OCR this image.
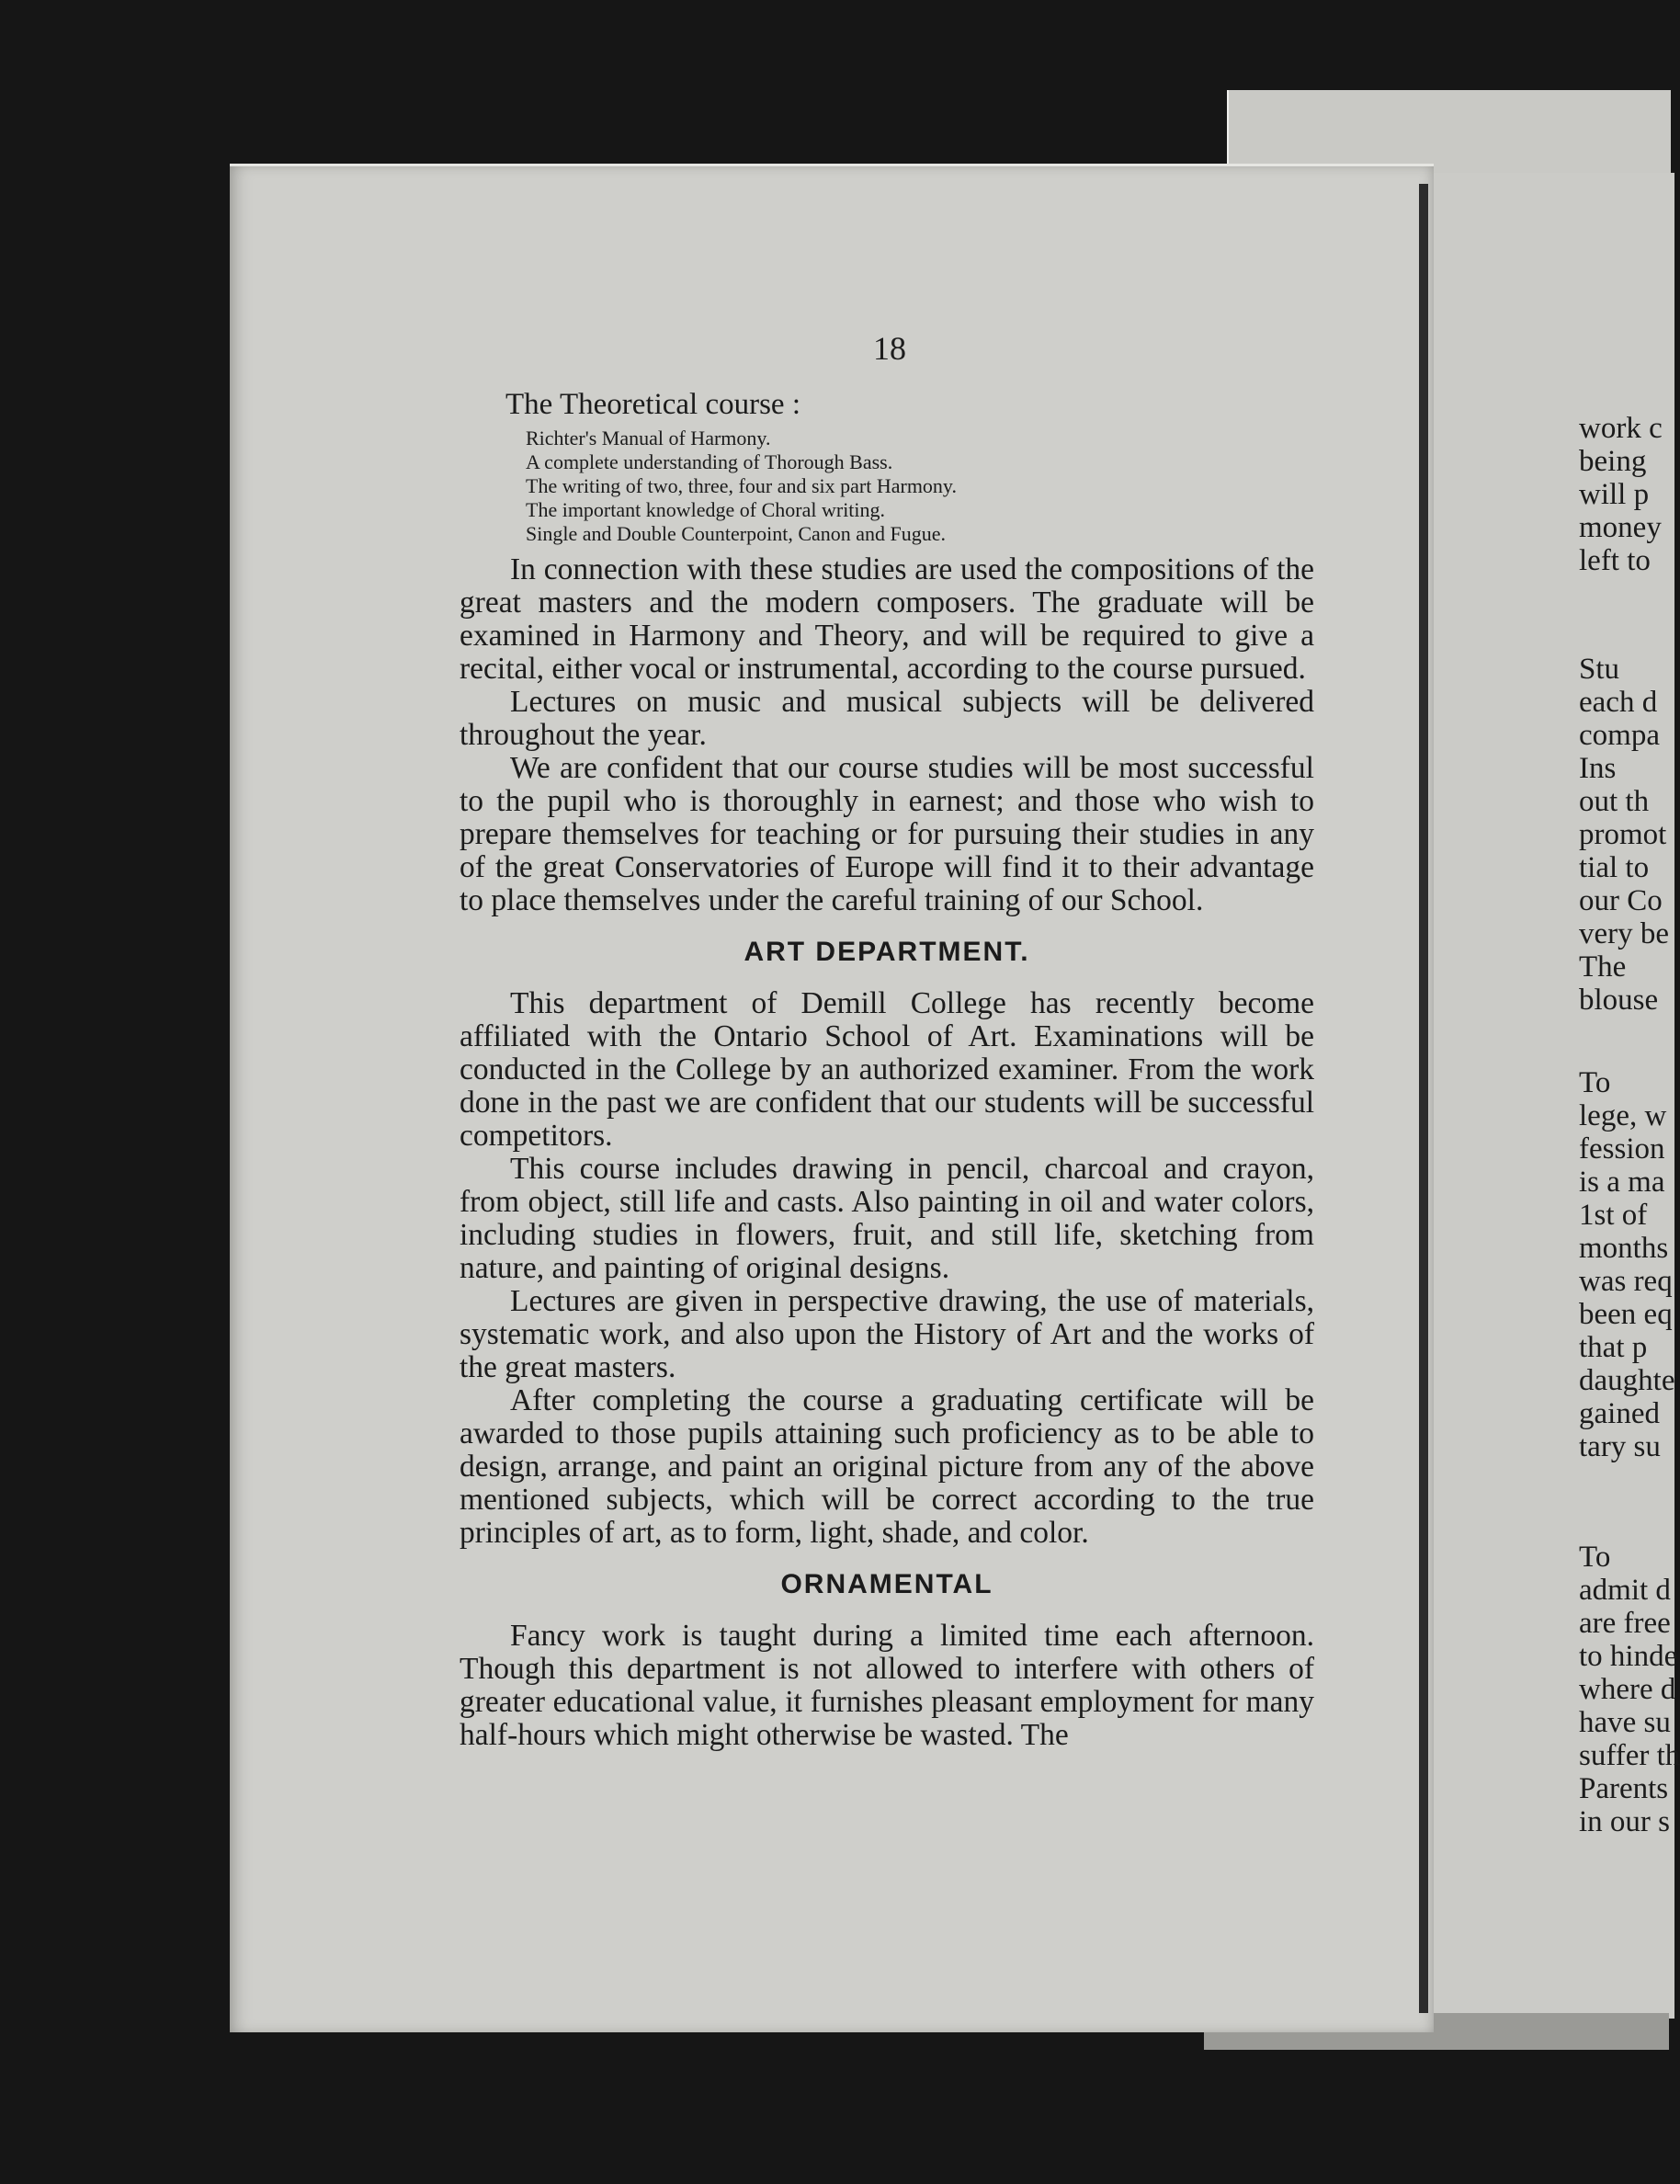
18

The Theoretical course :

Richter's Manual of Harmony.
A complete understanding of Thorough Bass.
The writing of two, three, four and six part Harmony.
The important knowledge of Choral writing.
Single and Double Counterpoint, Canon and Fugue.

In connection with these studies are used the compositions of the great masters and the modern composers. The graduate will be examined in Harmony and Theory, and will be required to give a recital, either vocal or instrumental, according to the course pursued.

Lectures on music and musical subjects will be delivered throughout the year.

We are confident that our course studies will be most successful to the pupil who is thoroughly in earnest; and those who wish to prepare themselves for teaching or for pursuing their studies in any of the great Conservatories of Europe will find it to their advantage to place themselves under the careful training of our School.

ART DEPARTMENT.

This department of Demill College has recently become affiliated with the Ontario School of Art. Examinations will be conducted in the College by an authorized examiner. From the work done in the past we are confident that our students will be successful competitors.

This course includes drawing in pencil, charcoal and crayon, from object, still life and casts. Also painting in oil and water colors, including studies in flowers, fruit, and still life, sketching from nature, and painting of original designs.

Lectures are given in perspective drawing, the use of materials, systematic work, and also upon the History of Art and the works of the great masters.

After completing the course a graduating certificate will be awarded to those pupils attaining such proficiency as to be able to design, arrange, and paint an original picture from any of the above mentioned subjects, which will be correct according to the true principles of art, as to form, light, shade, and color.

ORNAMENTAL

Fancy work is taught during a limited time each afternoon. Though this department is not allowed to interfere with others of greater educational value, it furnishes pleasant employment for many half-hours which might otherwise be wasted. The

work c
being
will p
money
left to
Stu
each d
compa
Ins
out th
promot
tial to
our Co
very be
The
blouse
To
lege, w
fession
is a ma
1st of
months
was req
been eq
that p
daughte
gained
tary su
To
admit d
are free
to hinde
where d
have su
suffer th
Parents
in our s
